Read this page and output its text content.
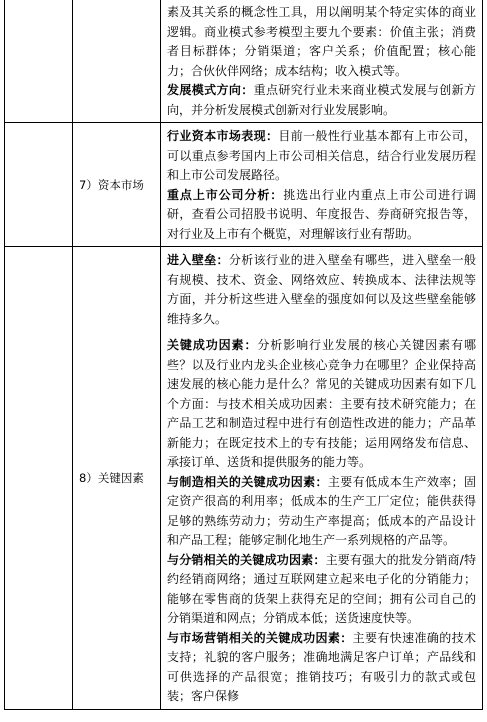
		素及其关系的概念性工具，用以阐明某个特定实体的商业逻辑。商业模式参考模型主要九个要素：价值主张；消费者目标群体；分销渠道；客户关系；价值配置；核心能力；合伙伙伴网络；成本结构；收入模式等。

发展模式方向：重点研究行业未来商业模式发展与创新方向，并分析发展模式创新对行业发展影响。

	7）资本市场	行业资本市场表现：目前一般性行业基本都有上市公司，可以重点参考国内上市公司相关信息，结合行业发展历程和上市公司发展路径。

重点上市公司分析：挑选出行业内重点上市公司进行调研，查看公司招股书说明、年度报告、券商研究报告等，对行业及上市有个概览，对理解该行业有帮助。

	8）关键因素	进入壁垒：分析该行业的进入壁垒有哪些，进入壁垒一般有规模、技术、资金、网络效应、转换成本、法律法规等方面，并分析这些进入壁垒的强度如何以及这些壁垒能够维持多久。

关键成功因素：分析影响行业发展的核心关键因素有哪些？以及行业内龙头企业核心竞争力在哪里？企业保持高速发展的核心能力是什么？常见的关键成功因素有如下几个方面：与技术相关成功因素：主要有技术研究能力；在产品工艺和制造过程中进行有创造性改进的能力；产品革新能力；在既定技术上的专有技能；运用网络发布信息、承接订单、送货和提供服务的能力等。

与制造相关的关键成功因素：主要有低成本生产效率；固定资产很高的利用率；低成本的生产工厂定位；能供获得足够的熟练劳动力；劳动生产率提高；低成本的产品设计和产品工程；能够定制化地生产一系列规格的产品等。

与分销相关的关键成功因素：主要有强大的批发分销商/特约经销商网络；通过互联网建立起来电子化的分销能力；能够在零售商的货架上获得充足的空间；拥有公司自己的分销渠道和网点；分销成本低；送货速度快等。

与市场营销相关的关键成功因素：主要有快速准确的技术支持；礼貌的客户服务；准确地满足客户订单；产品线和可供选择的产品很宽；推销技巧；有吸引力的款式或包装；客户保修
